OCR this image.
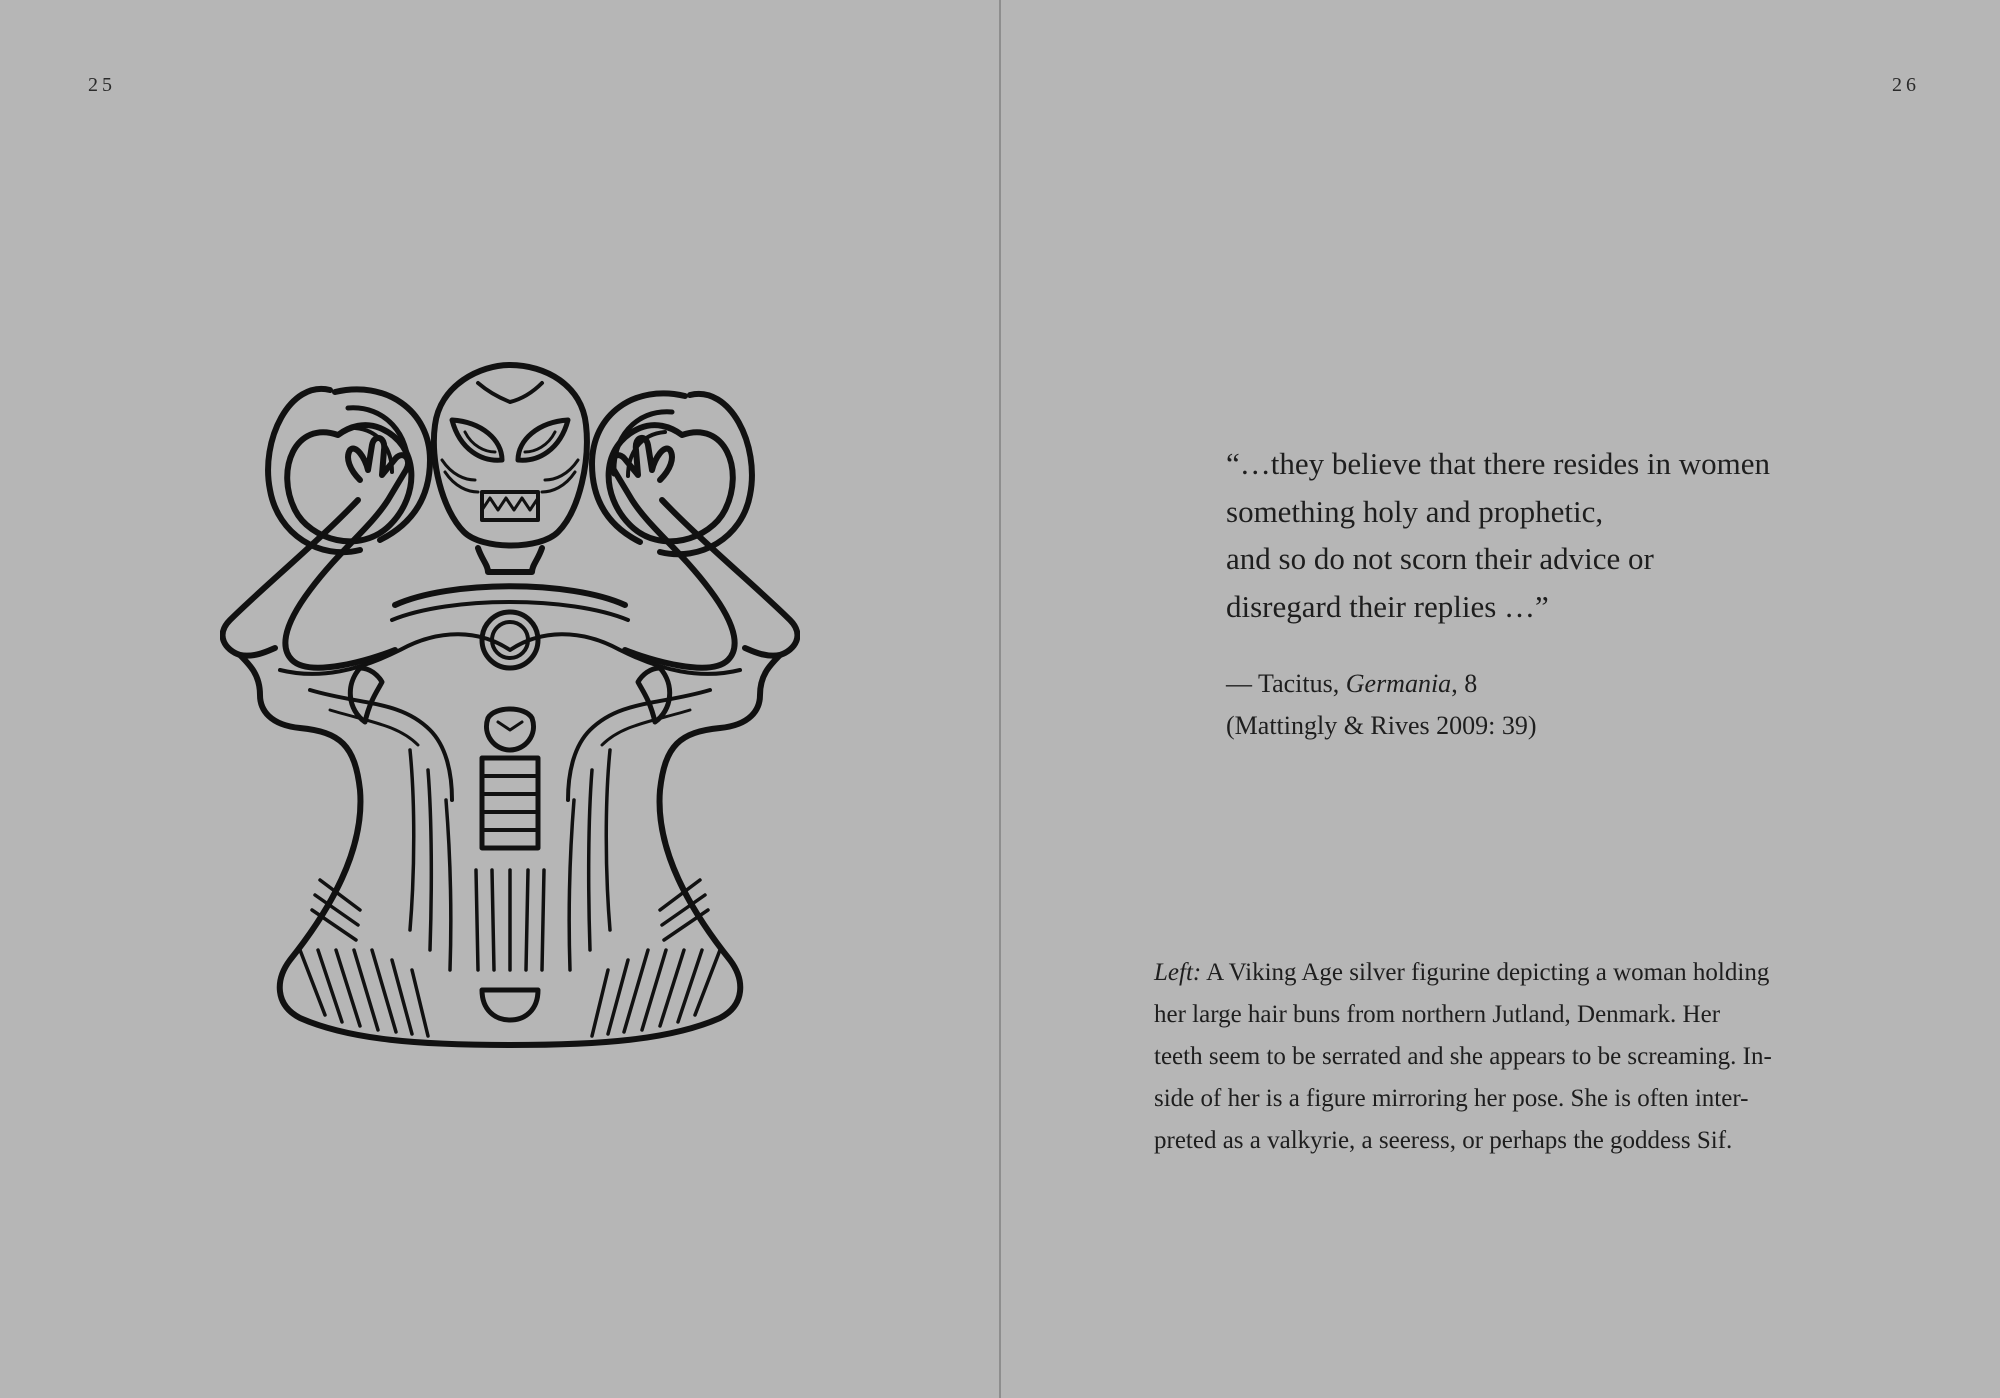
25	26
“…they believe that there resides in women
something holy and prophetic,
and so do not scorn their advice or
disregard their replies …”
— Tacitus, Germania, 8
(Mattingly & Rives 2009: 39)
Left: A Viking Age silver figurine depicting a woman holding
her large hair buns from northern Jutland, Denmark. Her
teeth seem to be serrated and she appears to be screaming. In-
side of her is a figure mirroring her pose. She is often inter-
preted as a valkyrie, a seeress, or perhaps the goddess Sif.
